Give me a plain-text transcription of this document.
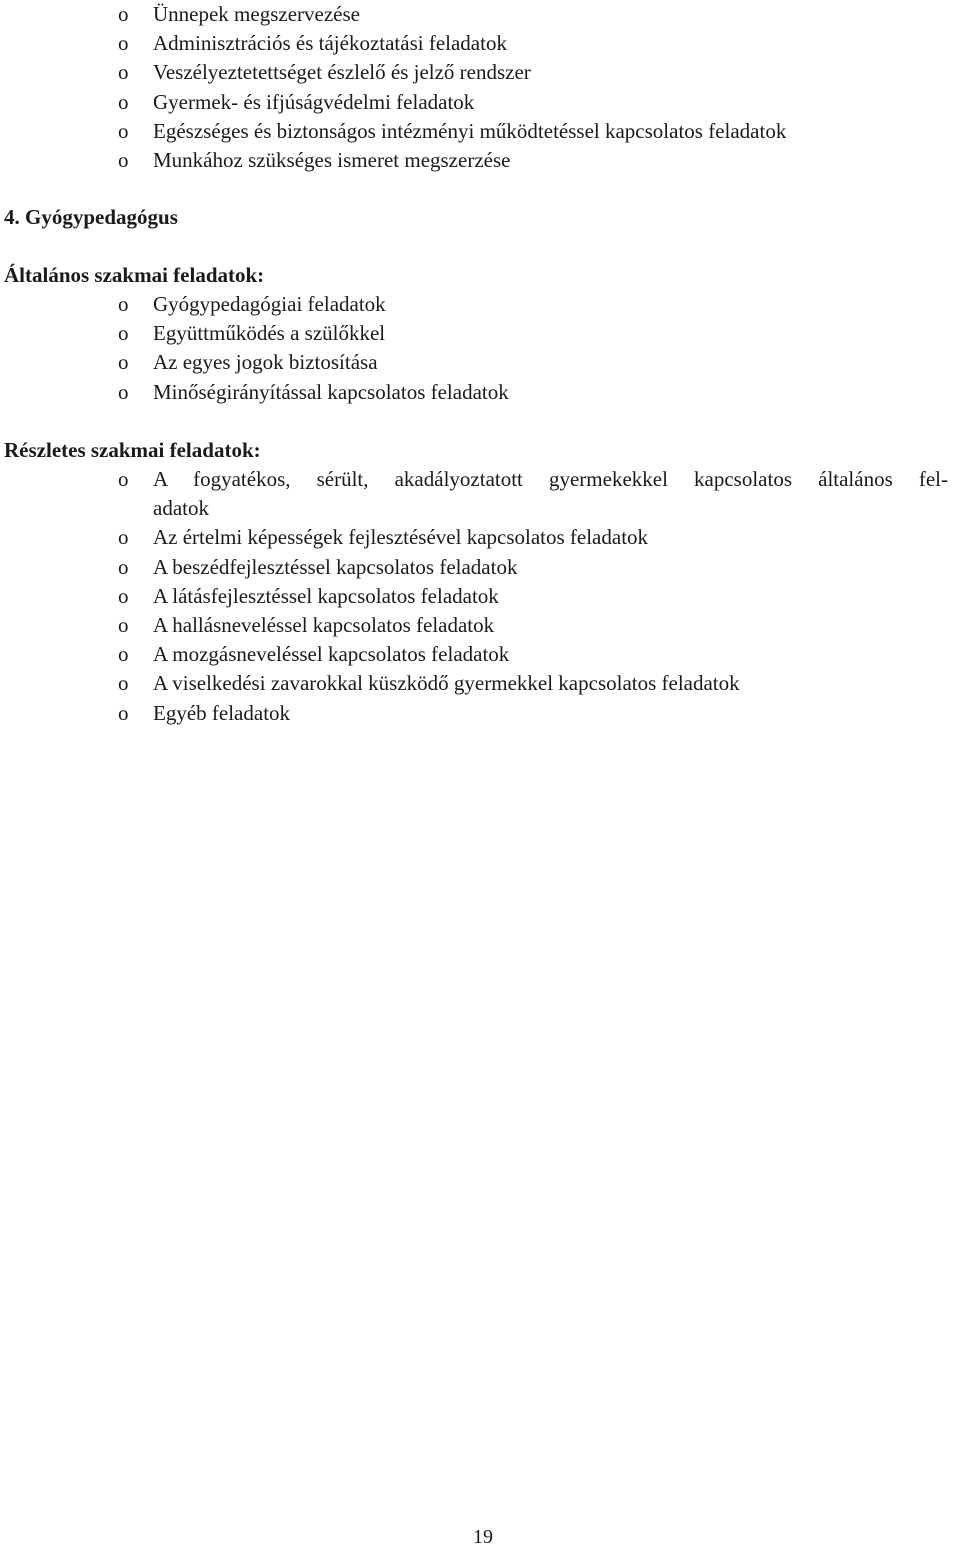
o Ünnepek megszervezése
o Adminisztrációs és tájékoztatási feladatok
o Veszélyeztetettséget észlelő és jelző rendszer
o Gyermek- és ifjúságvédelmi feladatok
o Egészséges és biztonságos intézményi működtetéssel kapcsolatos feladatok
o Munkához szükséges ismeret megszerzése
4. Gyógypedagógus
Általános szakmai feladatok:
o Gyógypedagógiai feladatok
o Együttműködés a szülőkkel
o Az egyes jogok biztosítása
o Minőségirányítással kapcsolatos feladatok
Részletes szakmai feladatok:
o A fogyatékos, sérült, akadályoztatott gyermekekkel kapcsolatos általános fel-
adatok
o Az értelmi képességek fejlesztésével kapcsolatos feladatok
o A beszédfejlesztéssel kapcsolatos feladatok
o A látásfejlesztéssel kapcsolatos feladatok
o A hallásneveléssel kapcsolatos feladatok
o A mozgásneveléssel kapcsolatos feladatok
o A viselkedési zavarokkal küszködő gyermekkel kapcsolatos feladatok
o Egyéb feladatok
19
